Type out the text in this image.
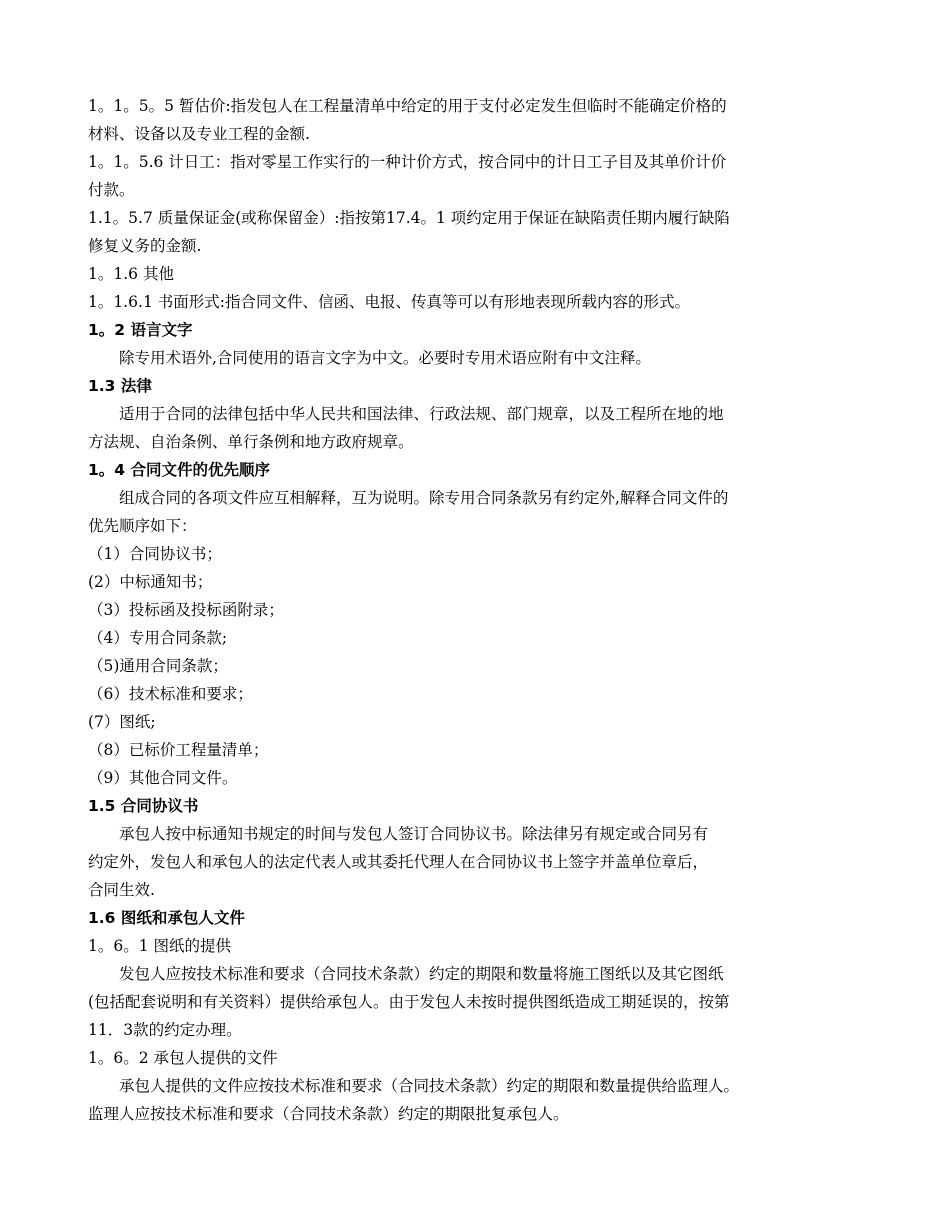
1。1。5。5 暂估价:指发包人在工程量清单中给定的用于支付必定发生但临时不能确定价格的
材料、设备以及专业工程的金额.
1。1。5.6 计日工：指对零星工作实行的一种计价方式，按合同中的计日工子目及其单价计价
付款。
1.1。5.7 质量保证金(或称保留金）:指按第17.4。1 项约定用于保证在缺陷责任期内履行缺陷
修复义务的金额.
1。1.6 其他
1。1.6.1 书面形式:指合同文件、信函、电报、传真等可以有形地表现所载内容的形式。
1。2 语言文字
除专用术语外,合同使用的语言文字为中文。必要时专用术语应附有中文注释。
1.3 法律
适用于合同的法律包括中华人民共和国法律、行政法规、部门规章，以及工程所在地的地
方法规、自治条例、单行条例和地方政府规章。
1。4 合同文件的优先顺序
组成合同的各项文件应互相解释，互为说明。除专用合同条款另有约定外,解释合同文件的
优先顺序如下：
（1）合同协议书；
(2）中标通知书；
（3）投标函及投标函附录；
（4）专用合同条款;
（5)通用合同条款；
（6）技术标准和要求；
(7）图纸;
（8）已标价工程量清单；
（9）其他合同文件。
1.5 合同协议书
承包人按中标通知书规定的时间与发包人签订合同协议书。除法律另有规定或合同另有
约定外，发包人和承包人的法定代表人或其委托代理人在合同协议书上签字并盖单位章后，
合同生效.
1.6 图纸和承包人文件
1。6。1 图纸的提供
发包人应按技术标准和要求（合同技术条款）约定的期限和数量将施工图纸以及其它图纸
(包括配套说明和有关资料）提供给承包人。由于发包人未按时提供图纸造成工期延误的，按第
11．3款的约定办理。
1。6。2 承包人提供的文件
承包人提供的文件应按技术标准和要求（合同技术条款）约定的期限和数量提供给监理人。
监理人应按技术标准和要求（合同技术条款）约定的期限批复承包人。
